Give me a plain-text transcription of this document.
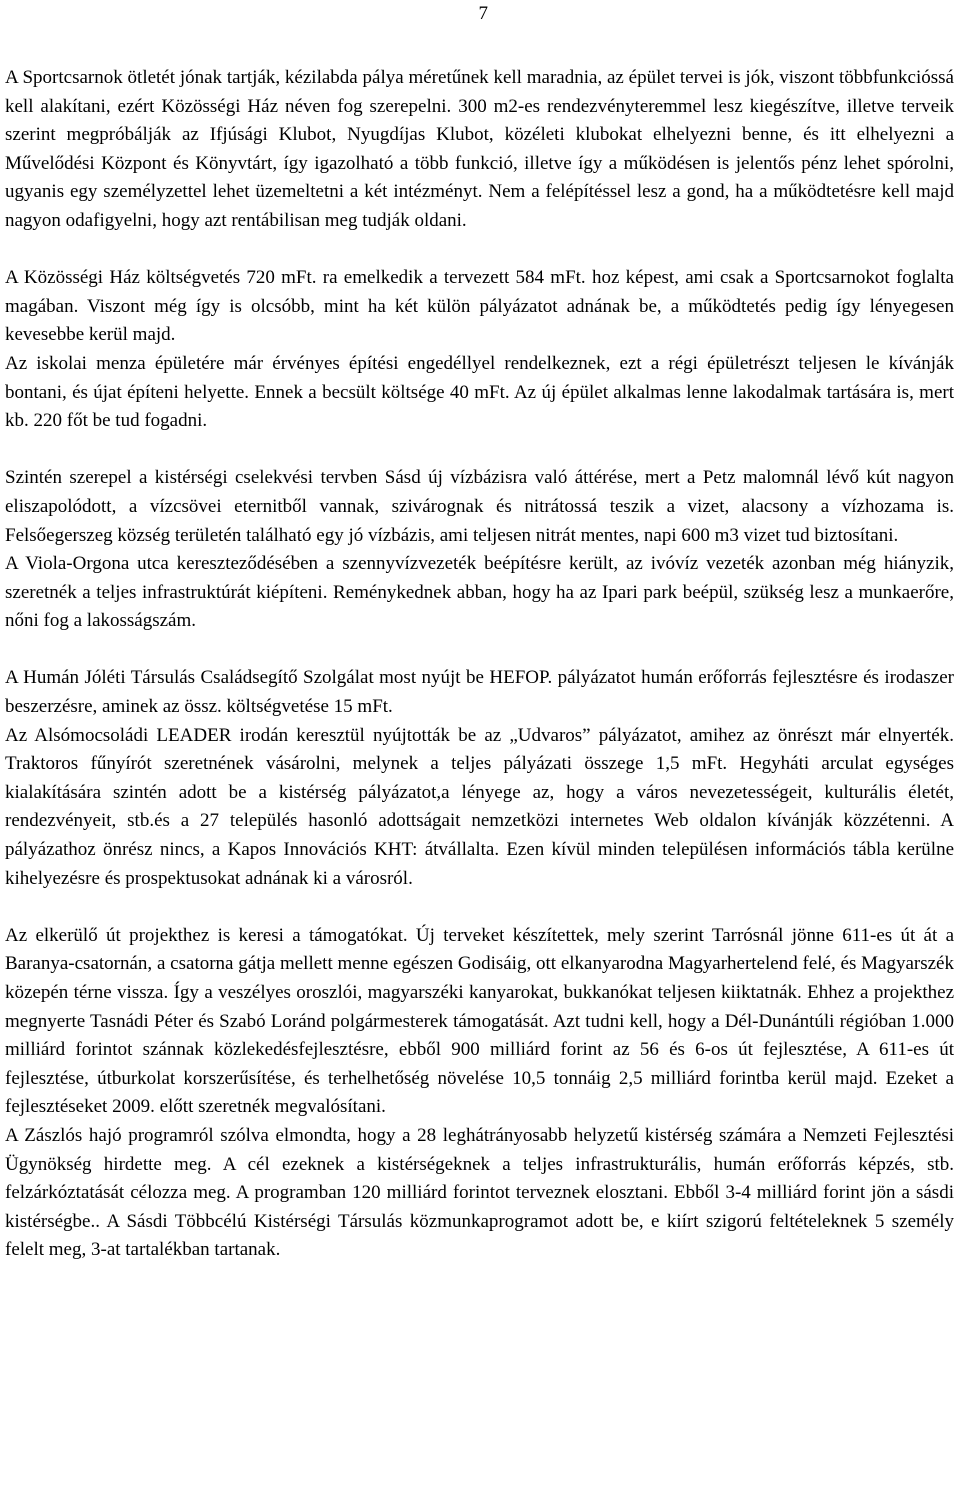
7

A Sportcsarnok ötletét jónak tartják, kézilabda pálya méretűnek kell maradnia, az épület tervei is jók, viszont többfunkcióssá kell alakítani, ezért Közösségi Ház néven fog szerepelni. 300 m2-es rendezvényteremmel lesz kiegészítve, illetve terveik szerint megpróbálják az Ifjúsági Klubot, Nyugdíjas Klubot, közéleti klubokat elhelyezni benne, és itt elhelyezni a Művelődési Központ és Könyvtárt, így igazolható a több funkció, illetve így a működésen is jelentős pénz lehet spórolni, ugyanis egy személyzettel lehet üzemeltetni a két intézményt. Nem a felépítéssel lesz a gond, ha a működtetésre kell majd nagyon odafigyelni, hogy azt rentábilisan meg tudják oldani.

A Közösségi Ház költségvetés 720 mFt. ra emelkedik a tervezett 584 mFt. hoz képest, ami csak a Sportcsarnokot foglalta magában. Viszont még így is olcsóbb, mint ha két külön pályázatot adnának be, a működtetés pedig így lényegesen kevesebbe kerül majd.

Az iskolai menza épületére már érvényes építési engedéllyel rendelkeznek, ezt a régi épületrészt teljesen le kívánják bontani, és újat építeni helyette. Ennek a becsült költsége 40 mFt. Az új épület alkalmas lenne lakodalmak tartására is, mert kb. 220 főt be tud fogadni.

Szintén szerepel a kistérségi cselekvési tervben Sásd új vízbázisra való áttérése, mert a Petz malomnál lévő kút nagyon eliszapolódott, a vízcsövei eternitből vannak, szivárognak és nitrátossá teszik a vizet, alacsony a vízhozama is. Felsőegerszeg község területén található egy jó vízbázis, ami teljesen nitrát mentes, napi 600 m3 vizet tud biztosítani.

A Viola-Orgona utca kereszteződésében a szennyvízvezeték beépítésre került, az ivóvíz vezeték azonban még hiányzik, szeretnék a teljes infrastruktúrát kiépíteni. Reménykednek abban, hogy ha az Ipari park beépül, szükség lesz a munkaerőre, nőni fog a lakosságszám.

A Humán Jóléti Társulás Családsegítő Szolgálat most nyújt be HEFOP. pályázatot humán erőforrás fejlesztésre és irodaszer beszerzésre, aminek az össz. költségvetése 15 mFt.

Az Alsómocsoládi LEADER irodán keresztül nyújtották be az „Udvaros” pályázatot, amihez az önrészt már elnyerték. Traktoros fűnyírót szeretnének vásárolni, melynek a teljes pályázati összege 1,5 mFt. Hegyháti arculat egységes kialakítására szintén adott be a kistérség pályázatot,a lényege az, hogy a város nevezetességeit, kulturális életét, rendezvényeit, stb.és a 27 település hasonló adottságait nemzetközi internetes Web oldalon kívánják közzétenni. A pályázathoz önrész nincs, a Kapos Innovációs KHT: átvállalta. Ezen kívül minden településen információs tábla kerülne kihelyezésre és prospektusokat adnának ki a városról.

Az elkerülő út projekthez is keresi a támogatókat. Új terveket készítettek, mely szerint Tarrósnál jönne 611-es út át a Baranya-csatornán, a csatorna gátja mellett menne egészen Godisáig, ott elkanyarodna Magyarhertelend felé, és Magyarszék közepén térne vissza. Így a veszélyes oroszlói, magyarszéki kanyarokat, bukkanókat teljesen kiiktatnák. Ehhez a projekthez megnyerte Tasnádi Péter és Szabó Loránd polgármesterek támogatását. Azt tudni kell, hogy a Dél-Dunántúli régióban 1.000 milliárd forintot szánnak közlekedésfejlesztésre, ebből 900 milliárd forint az 56 és 6-os út fejlesztése, A 611-es út fejlesztése, útburkolat korszerűsítése, és terhelhetőség növelése 10,5 tonnáig 2,5 milliárd forintba kerül majd. Ezeket a fejlesztéseket 2009. előtt szeretnék megvalósítani.

A Zászlós hajó programról szólva elmondta, hogy a 28 leghátrányosabb helyzetű kistérség számára a Nemzeti Fejlesztési Ügynökség hirdette meg. A cél ezeknek a kistérségeknek a teljes infrastrukturális, humán erőforrás képzés, stb. felzárkóztatását célozza meg. A programban 120 milliárd forintot terveznek elosztani. Ebből 3-4 milliárd forint jön a sásdi kistérségbe.. A Sásdi Többcélú Kistérségi Társulás közmunkaprogramot adott be, e kiírt szigorú feltételeknek 5 személy felelt meg, 3-at tartalékban tartanak.
